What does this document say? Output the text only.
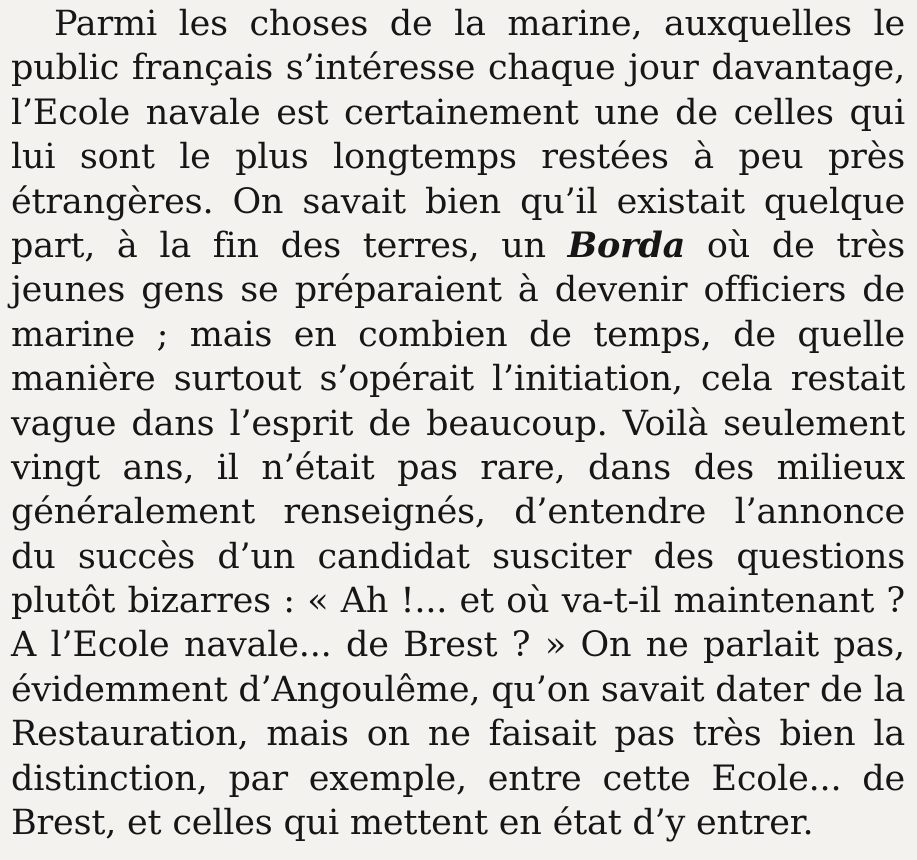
Parmi les choses de la marine, auxquelles le
public français s’intéresse chaque jour davantage,
l’Ecole navale est certainement une de celles qui
lui sont le plus longtemps restées à peu près
étrangères. On savait bien qu’il existait quelque
part, à la fin des terres, un Borda où de très
jeunes gens se préparaient à devenir officiers de
marine ; mais en combien de temps, de quelle
manière surtout s’opérait l’initiation, cela restait
vague dans l’esprit de beaucoup. Voilà seulement
vingt ans, il n’était pas rare, dans des milieux
généralement renseignés, d’entendre l’annonce
du succès d’un candidat susciter des questions
plutôt bizarres : « Ah !... et où va-t-il maintenant ?
A l’Ecole navale... de Brest ? » On ne parlait pas,
évidemment d’Angoulême, qu’on savait dater de la
Restauration, mais on ne faisait pas très bien la
distinction, par exemple, entre cette Ecole... de
Brest, et celles qui mettent en état d’y entrer.
